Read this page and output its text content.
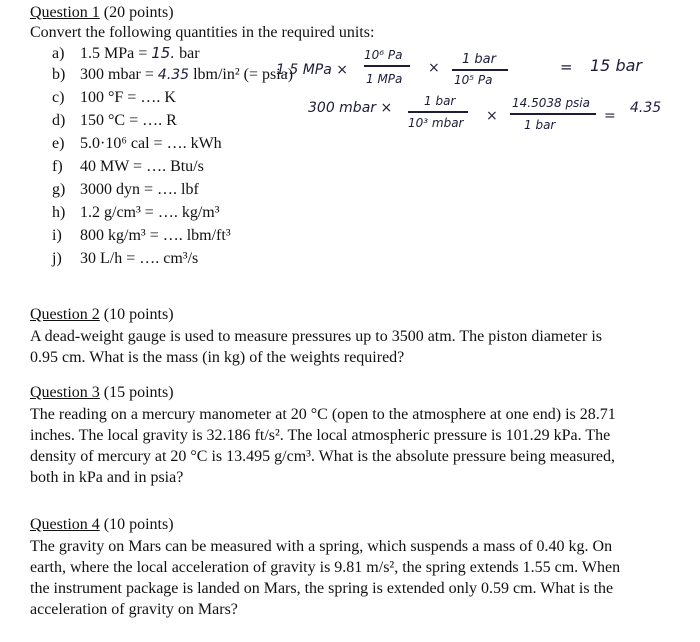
Question 1 (20 points)
Convert the following quantities in the required units:
a) 1.5 MPa = 15. bar
b) 300 mbar = 4.35 lbm/in² (= psia)
c) 100 °F = …. K
d) 150 °C = …. R
e) 5.0·10⁶ cal = …. kWh
f) 40 MW = …. Btu/s
g) 3000 dyn = …. lbf
h) 1.2 g/cm³ = …. kg/m³
i) 800 kg/m³ = …. lbm/ft³
j) 30 L/h = …. cm³/s
1.5 MPa ×
10⁶ Pa
1 MPa
×
1 bar
10⁵ Pa
= 15 bar
300 mbar ×	1 bar
10³ mbar ×
14.5038 psia
1 bar
= 4.35
Question 2 (10 points)
A dead-weight gauge is used to measure pressures up to 3500 atm. The piston diameter is 0.95 cm. What is the mass (in kg) of the weights required?
Question 3 (15 points)
The reading on a mercury manometer at 20 °C (open to the atmosphere at one end) is 28.71 inches. The local gravity is 32.186 ft/s². The local atmospheric pressure is 101.29 kPa. The density of mercury at 20 °C is 13.495 g/cm³. What is the absolute pressure being measured, both in kPa and in psia?
Question 4 (10 points)
The gravity on Mars can be measured with a spring, which suspends a mass of 0.40 kg. On earth, where the local acceleration of gravity is 9.81 m/s², the spring extends 1.55 cm. When the instrument package is landed on Mars, the spring is extended only 0.59 cm. What is the acceleration of gravity on Mars?
